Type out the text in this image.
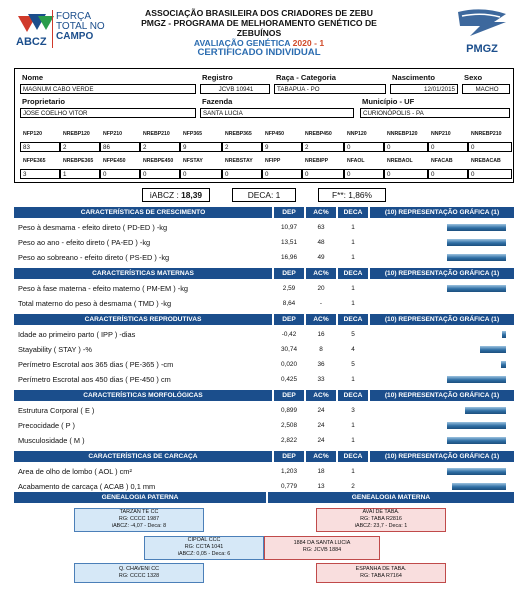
ABCZ
FORÇA
TOTAL NO
CAMPO
ASSOCIAÇÃO BRASILEIRA DOS CRIADORES DE ZEBU
PMGZ - PROGRAMA DE MELHORAMENTO GENÉTICO DE ZEBUÍNOS
AVALIAÇÃO GENÉTICA 2020 - 1
CERTIFICADO INDIVIDUAL	PMGZ
Nome
MAGNUM CABO VERDE
Registro
JCVB 10941
Raça - Categoria
TABAPUA - PO
Nascimento
12/01/2015
Sexo
MACHO
Proprietario
JOSE COELHO VITOR
Fazenda
SANTA LUCIA
Município - UF
CURIONÓPOLIS - PA
NFP120
83
NREBP120
2
NFP210
86
NREBP210
2
NFP365
9
NREBP365
2
NFP450
9
NREBP450
2
NNP120
0
NNREBP120
0
NNP210
0
NNREBP210
0
NFPE365
3
NREBPE365
1
NFPE450
0
NREBPE450
0
NFSTAY
0
NREBSTAY
0
NFIPP
0
NREBIPP
0
NFAOL
0
NREBAOL
0
NFACAB
0
NREBACAB
0
iABCZ : 18,39	DECA: 1	F**: 1,86%
CARACTERÍSTICAS DE CRESCIMENTO	DEP	AC%	DECA	(10) REPRESENTAÇÃO GRÁFICA (1)
Peso à desmama - efeito direto ( PD-ED ) -kg	10,97	63	1
Peso ao ano - efeito direto ( PA-ED ) -kg	13,51	48	1
Peso ao sobreano - efeito direto ( PS-ED ) -kg	16,96	49	1
CARACTERÍSTICAS MATERNAS	DEP	AC%	DECA	(10) REPRESENTAÇÃO GRÁFICA (1)
Peso à fase materna - efeito materno ( PM-EM ) -kg	2,59	20	1
Total materno do peso à desmama ( TMD ) -kg	8,64	-	1
CARACTERÍSTICAS REPRODUTIVAS	DEP	AC%	DECA	(10) REPRESENTAÇÃO GRÁFICA (1)
Idade ao primeiro parto ( IPP ) -dias	-0,42	16	5
Stayability ( STAY ) -%	30,74	8	4
Perímetro Escrotal aos 365 dias ( PE-365 ) -cm	0,020	36	5
Perímetro Escrotal aos 450 dias ( PE-450 ) cm	0,425	33	1
CARACTERÍSTICAS MORFOLÓGICAS	DEP	AC%	DECA	(10) REPRESENTAÇÃO GRÁFICA (1)
Estrutura Corporal ( E )	0,899	24	3
Precocidade ( P )	2,508	24	1
Musculosidade ( M )	2,822	24	1
CARACTERÍSTICAS DE CARCAÇA	DEP	AC%	DECA	(10) REPRESENTAÇÃO GRÁFICA (1)
Area de olho de lombo ( AOL ) cm²	1,203	18	1
Acabamento de carcaça ( ACAB ) 0,1 mm	0,779	13	2
GENEALOGIA PATERNA	GENEALOGIA MATERNA
TARZAN TE CC
RG: CCCC 1987
iABCZ: -4,07 - Deca: 8
CIPOAL CCC
RG: CCTA 1041
iABCZ: 0,05 - Deca: 6
Q. CHAVENI CC
RG: CCCC 1328
AVAÍ DE TABA.
RG: TABA R2816
iABCZ: 23,7 - Deca: 1
1884 DA SANTA LUCIA
RG: JCVB 1884
ESPANHA DE TABA.
RG: TABA R7164
